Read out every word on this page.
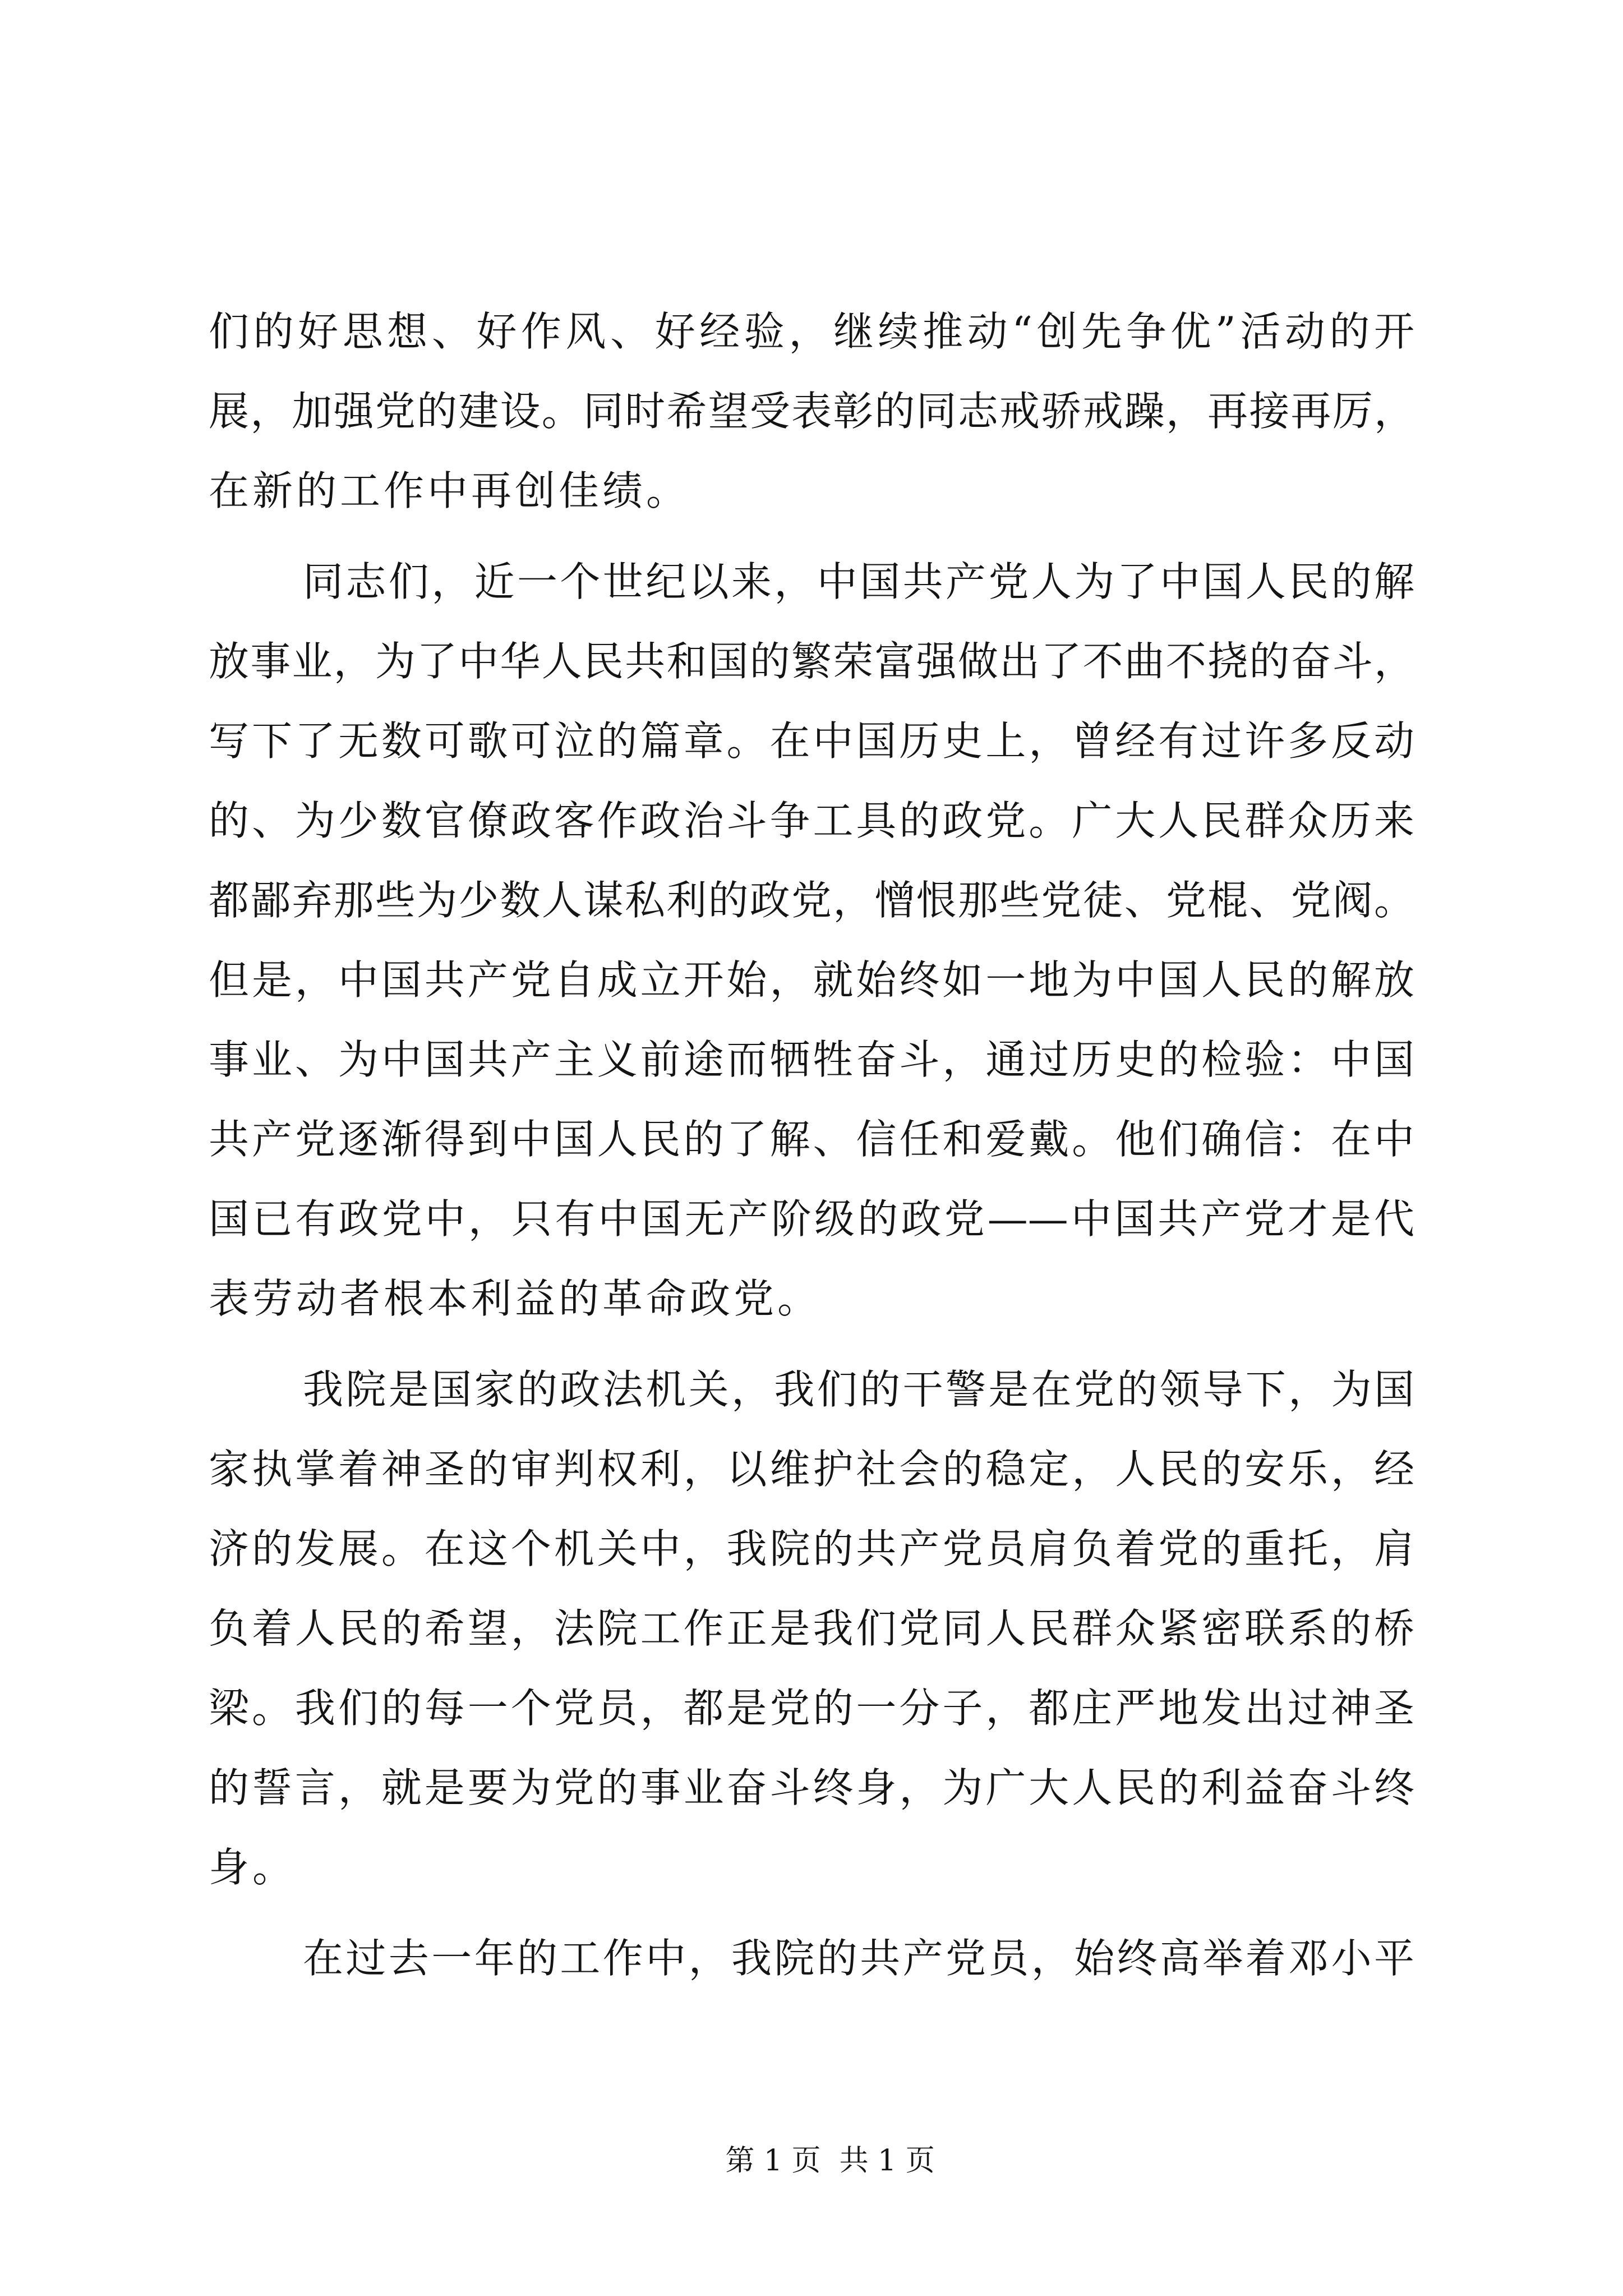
们的好思想、好作风、好经验，继续推动“创先争优”活动的开
展，加强党的建设。同时希望受表彰的同志戒骄戒躁，再接再厉，
在新的工作中再创佳绩。
同志们，近一个世纪以来，中国共产党人为了中国人民的解
放事业，为了中华人民共和国的繁荣富强做出了不曲不挠的奋斗，
写下了无数可歌可泣的篇章。在中国历史上，曾经有过许多反动
的、为少数官僚政客作政治斗争工具的政党。广大人民群众历来
都鄙弃那些为少数人谋私利的政党，憎恨那些党徒、党棍、党阀。
但是，中国共产党自成立开始，就始终如一地为中国人民的解放
事业、为中国共产主义前途而牺牲奋斗，通过历史的检验：中国
共产党逐渐得到中国人民的了解、信任和爱戴。他们确信：在中
国已有政党中，只有中国无产阶级的政党——中国共产党才是代
表劳动者根本利益的革命政党。
我院是国家的政法机关，我们的干警是在党的领导下，为国
家执掌着神圣的审判权利，以维护社会的稳定，人民的安乐，经
济的发展。在这个机关中，我院的共产党员肩负着党的重托，肩
负着人民的希望，法院工作正是我们党同人民群众紧密联系的桥
梁。我们的每一个党员，都是党的一分子，都庄严地发出过神圣
的誓言，就是要为党的事业奋斗终身，为广大人民的利益奋斗终
身。
在过去一年的工作中，我院的共产党员，始终高举着邓小平

第 1 页  共 1 页
